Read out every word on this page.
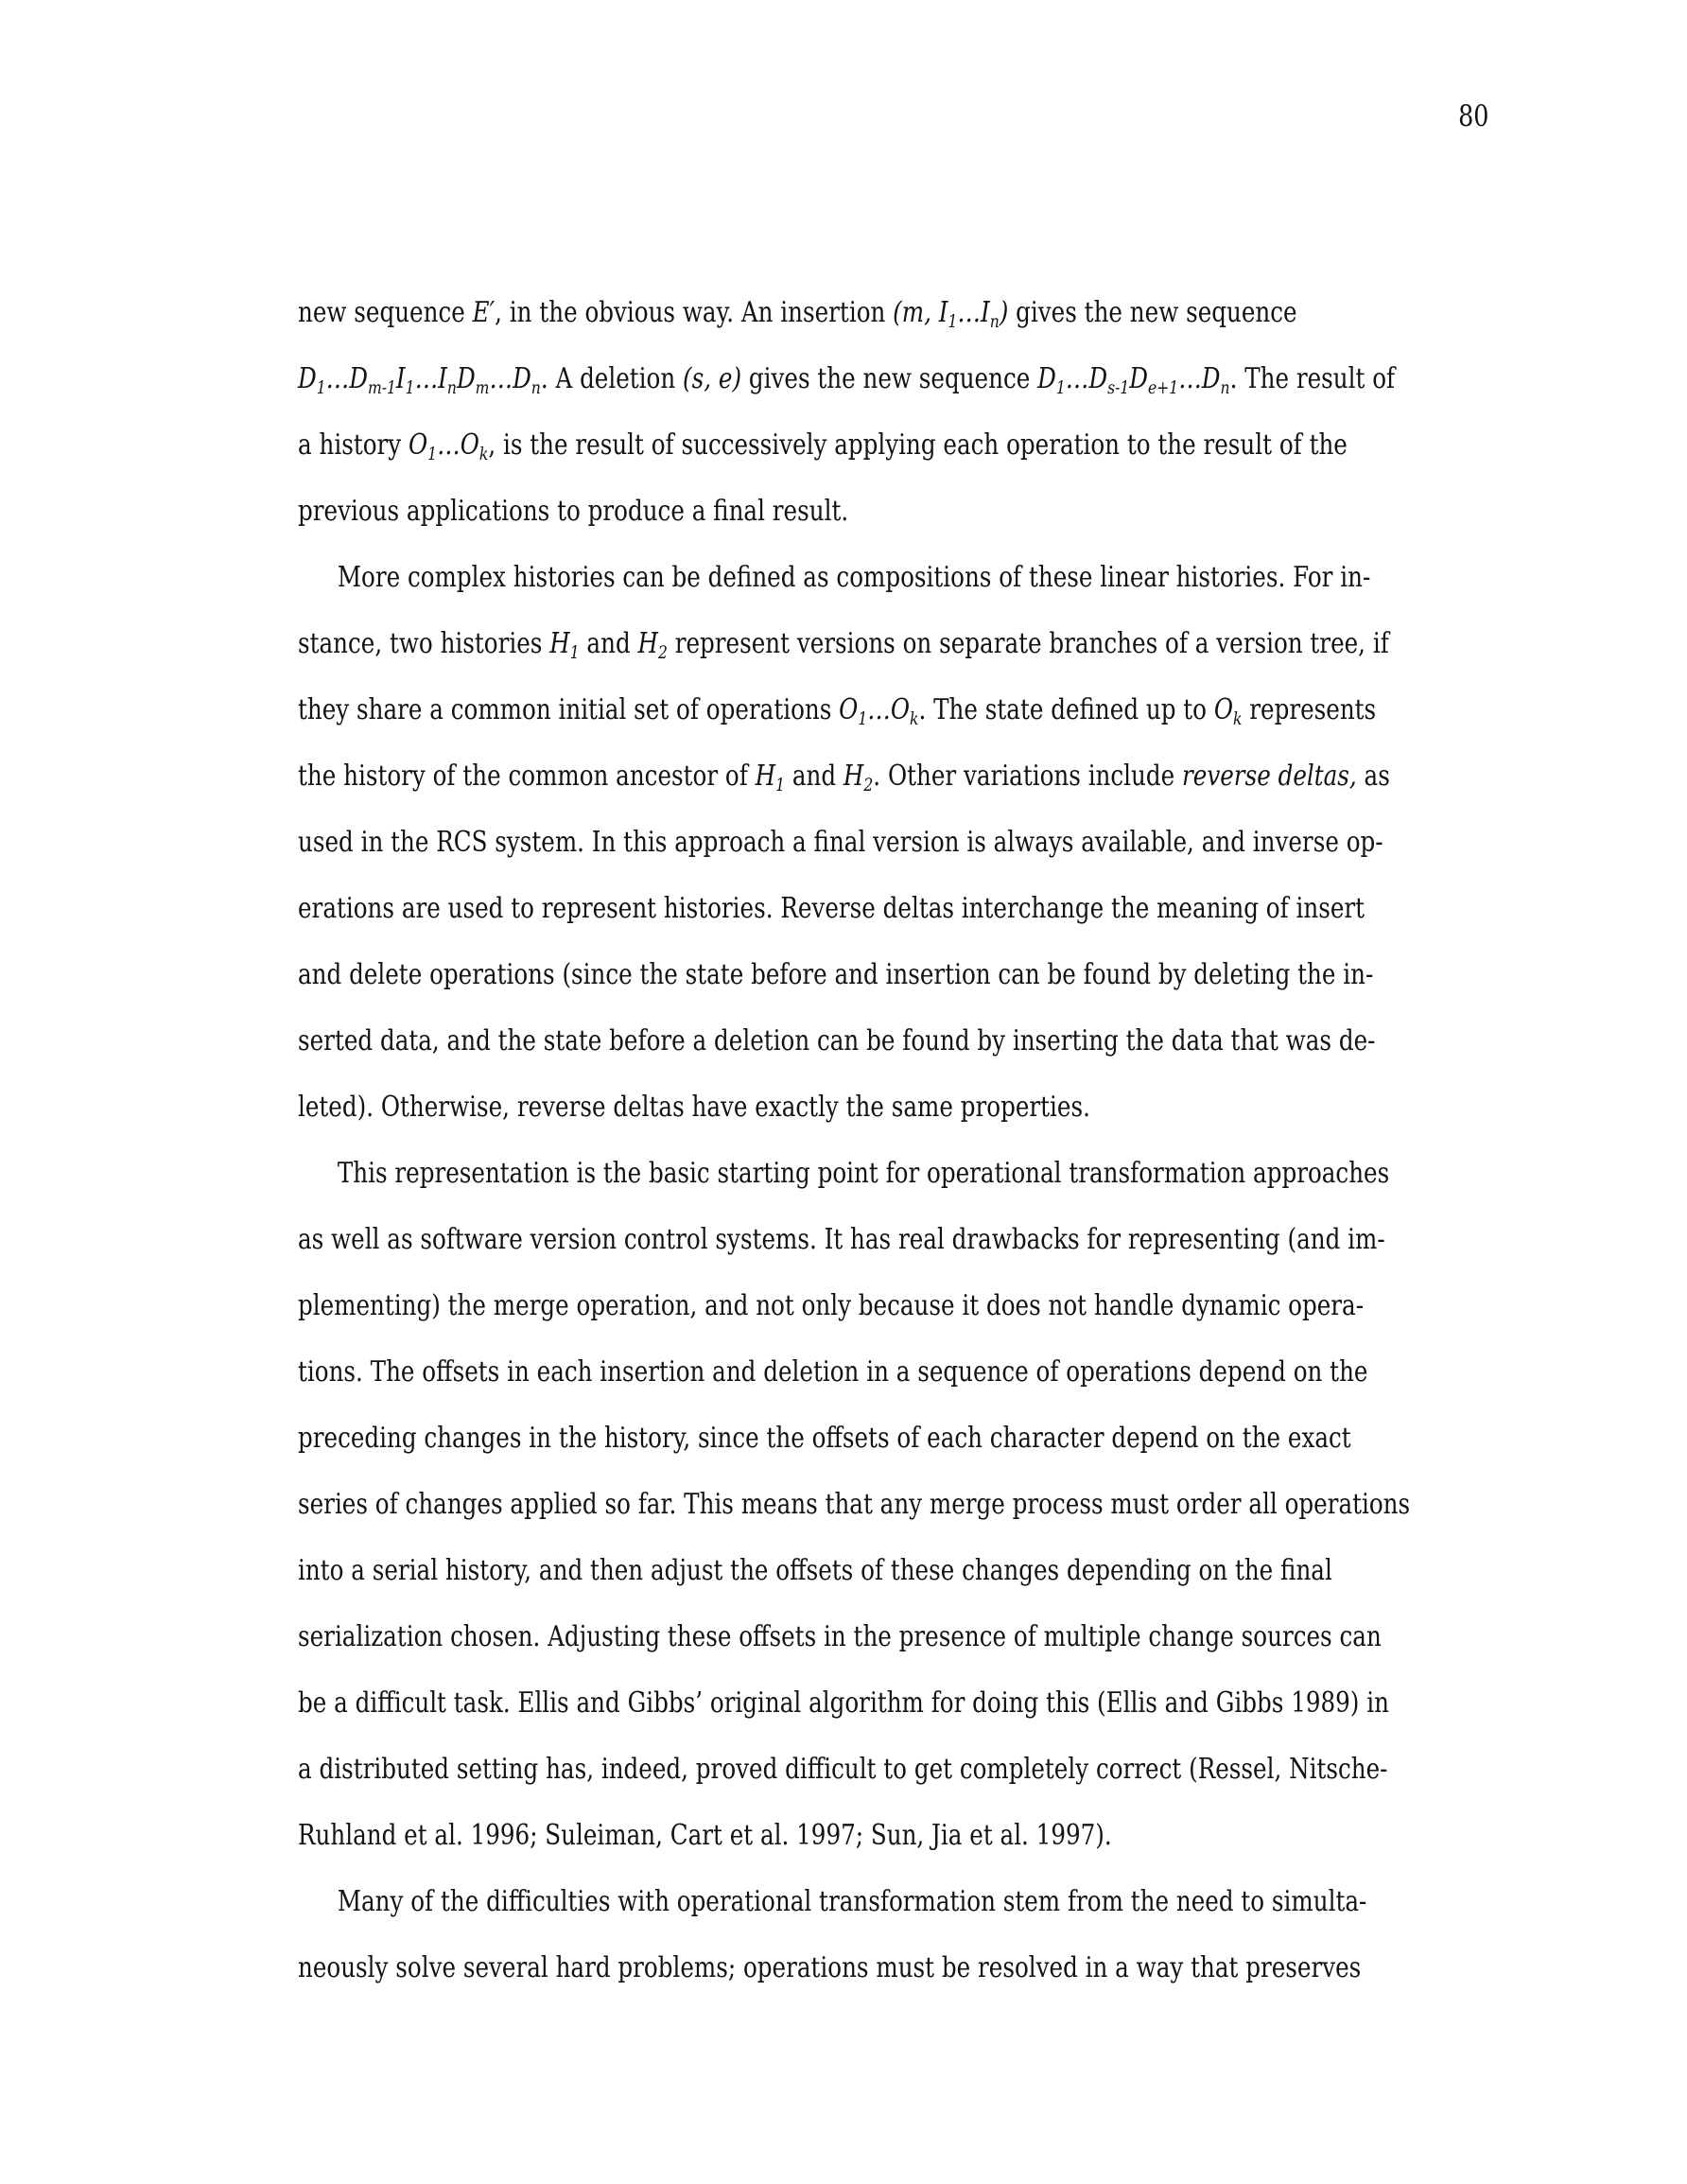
80
new sequence E′, in the obvious way. An insertion (m, $I_1\dots I_n$) gives the new sequence
$D_1\dots D_{m-1}I_1\dots I_nD_m\dots D_n$. A deletion (s, e) gives the new sequence $D_1\dots D_{s-1}D_{e+1}\dots D_n$. The result of
a history $O_1\dots O_k$, is the result of successively applying each operation to the result of the
previous applications to produce a final result.
More complex histories can be defined as compositions of these linear histories. For in-
stance, two histories $H_1$ and $H_2$ represent versions on separate branches of a version tree, if
they share a common initial set of operations $O_1\dots O_k$. The state defined up to $O_k$ represents
the history of the common ancestor of $H_1$ and $H_2$. Other variations include reverse deltas, as
used in the RCS system. In this approach a final version is always available, and inverse op-
erations are used to represent histories. Reverse deltas interchange the meaning of insert
and delete operations (since the state before and insertion can be found by deleting the in-
serted data, and the state before a deletion can be found by inserting the data that was de-
leted). Otherwise, reverse deltas have exactly the same properties.
This representation is the basic starting point for operational transformation approaches
as well as software version control systems. It has real drawbacks for representing (and im-
plementing) the merge operation, and not only because it does not handle dynamic opera-
tions. The offsets in each insertion and deletion in a sequence of operations depend on the
preceding changes in the history, since the offsets of each character depend on the exact
series of changes applied so far. This means that any merge process must order all operations
into a serial history, and then adjust the offsets of these changes depending on the final
serialization chosen. Adjusting these offsets in the presence of multiple change sources can
be a difficult task. Ellis and Gibbs’ original algorithm for doing this (Ellis and Gibbs 1989) in
a distributed setting has, indeed, proved difficult to get completely correct (Ressel, Nitsche-
Ruhland et al. 1996; Suleiman, Cart et al. 1997; Sun, Jia et al. 1997).
Many of the difficulties with operational transformation stem from the need to simulta-
neously solve several hard problems; operations must be resolved in a way that preserves
